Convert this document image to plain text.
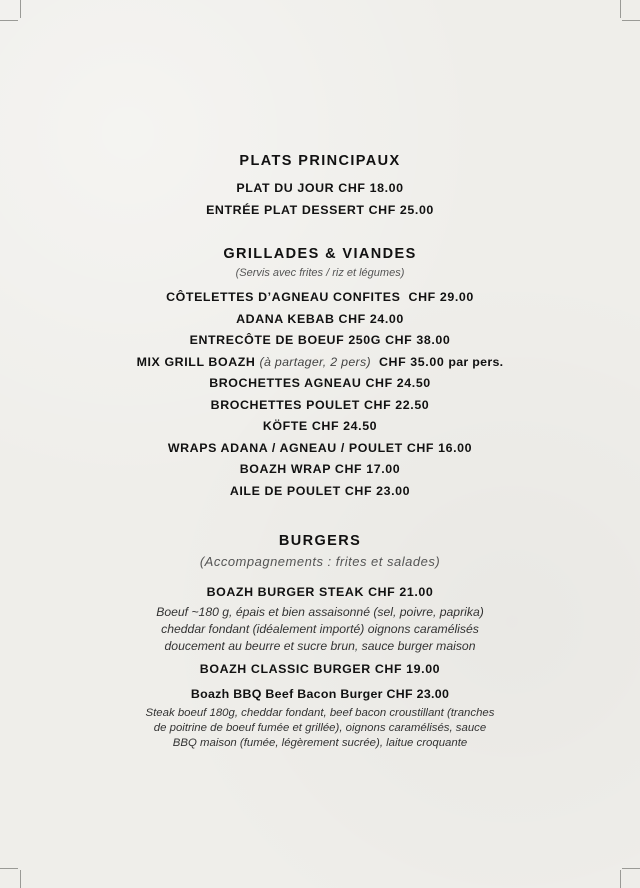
PLATS PRINCIPAUX

PLAT DU JOUR CHF 18.00

ENTRÉE PLAT DESSERT CHF 25.00

GRILLADES & VIANDES

(Servis avec frites / riz et légumes)

CÔTELETTES D’AGNEAU CONFITES CHF 29.00

ADANA KEBAB CHF 24.00

ENTRECÔTE DE BOEUF 250G CHF 38.00

MIX GRILL BOAZH (à partager, 2 pers) CHF 35.00 par pers.

BROCHETTES AGNEAU CHF 24.50

BROCHETTES POULET CHF 22.50

KÖFTE CHF 24.50

WRAPS ADANA / AGNEAU / POULET CHF 16.00

BOAZH WRAP CHF 17.00

AILE DE POULET CHF 23.00

BURGERS

(Accompagnements : frites et salades)

BOAZH BURGER STEAK CHF 21.00

Boeuf ~180 g, épais et bien assaisonné (sel, poivre, paprika)

cheddar fondant (idéalement importé) oignons caramélisés

doucement au beurre et sucre brun, sauce burger maison

BOAZH CLASSIC BURGER CHF 19.00

Boazh BBQ Beef Bacon Burger CHF 23.00

Steak boeuf 180g, cheddar fondant, beef bacon croustillant (tranches

de poitrine de boeuf fumée et grillée), oignons caramélisés, sauce

BBQ maison (fumée, légèrement sucrée), laitue croquante
